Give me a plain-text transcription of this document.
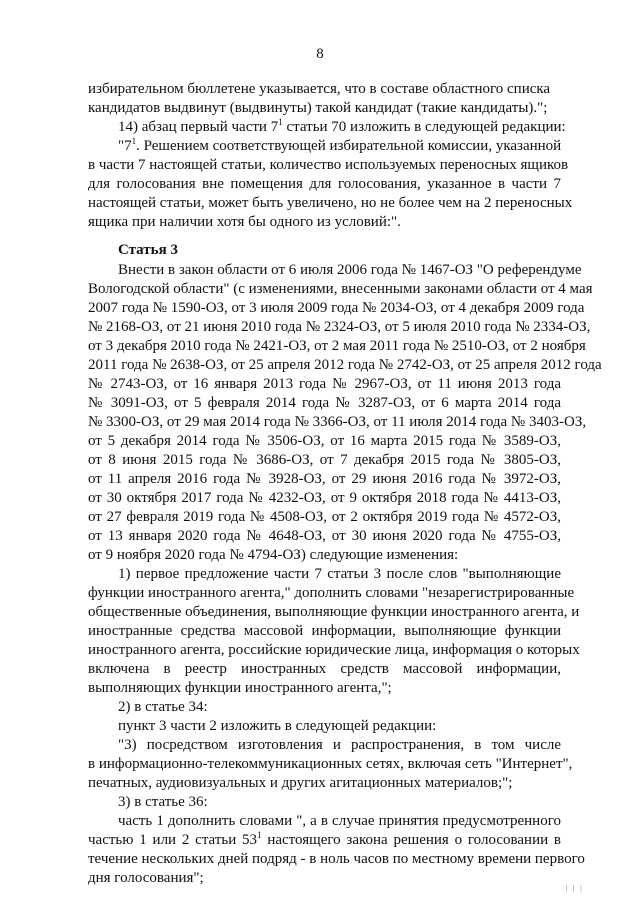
8
избирательном бюллетене указывается, что в составе областного списка
кандидатов выдвинут (выдвинуты) такой кандидат (такие кандидаты).";
14) абзац первый части $7^1$ статьи 70 изложить в следующей редакции:
"$7^1$. Решением соответствующей избирательной комиссии, указанной
в части 7 настоящей статьи, количество используемых переносных ящиков
для голосования вне помещения для голосования, указанное в части 7
настоящей статьи, может быть увеличено, но не более чем на 2 переносных
ящика при наличии хотя бы одного из условий:".
Статья 3
Внести в закон области от 6 июля 2006 года № 1467-ОЗ "О референдуме
Вологодской области" (с изменениями, внесенными законами области от 4 мая
2007 года № 1590-ОЗ, от 3 июля 2009 года № 2034-ОЗ, от 4 декабря 2009 года
№ 2168-ОЗ, от 21 июня 2010 года № 2324-ОЗ, от 5 июля 2010 года № 2334-ОЗ,
от 3 декабря 2010 года № 2421-ОЗ, от 2 мая 2011 года № 2510-ОЗ, от 2 ноября
2011 года № 2638-ОЗ, от 25 апреля 2012 года № 2742-ОЗ, от 25 апреля 2012 года
№ 2743-ОЗ, от 16 января 2013 года № 2967-ОЗ, от 11 июня 2013 года
№ 3091-ОЗ, от 5 февраля 2014 года № 3287-ОЗ, от 6 марта 2014 года
№ 3300-ОЗ, от 29 мая 2014 года № 3366-ОЗ, от 11 июля 2014 года № 3403-ОЗ,
от 5 декабря 2014 года № 3506-ОЗ, от 16 марта 2015 года № 3589-ОЗ,
от 8 июня 2015 года № 3686-ОЗ, от 7 декабря 2015 года № 3805-ОЗ,
от 11 апреля 2016 года № 3928-ОЗ, от 29 июня 2016 года № 3972-ОЗ,
от 30 октября 2017 года № 4232-ОЗ, от 9 октября 2018 года № 4413-ОЗ,
от 27 февраля 2019 года № 4508-ОЗ, от 2 октября 2019 года № 4572-ОЗ,
от 13 января 2020 года № 4648-ОЗ, от 30 июня 2020 года № 4755-ОЗ,
от 9 ноября 2020 года № 4794-ОЗ) следующие изменения:
1) первое предложение части 7 статьи 3 после слов "выполняющие
функции иностранного агента," дополнить словами "незарегистрированные
общественные объединения, выполняющие функции иностранного агента, и
иностранные средства массовой информации, выполняющие функции
иностранного агента, российские юридические лица, информация о которых
включена в реестр иностранных средств массовой информации,
выполняющих функции иностранного агента,";
2) в статье 34:
пункт 3 части 2 изложить в следующей редакции:
"3) посредством изготовления и распространения, в том числе
в информационно-телекоммуникационных сетях, включая сеть "Интернет",
печатных, аудиовизуальных и других агитационных материалов;";
3) в статье 36:
часть 1 дополнить словами ", а в случае принятия предусмотренного
частью 1 или 2 статьи $53^1$ настоящего закона решения о голосовании в
течение нескольких дней подряд - в ноль часов по местному времени первого
дня голосования";
| | |
